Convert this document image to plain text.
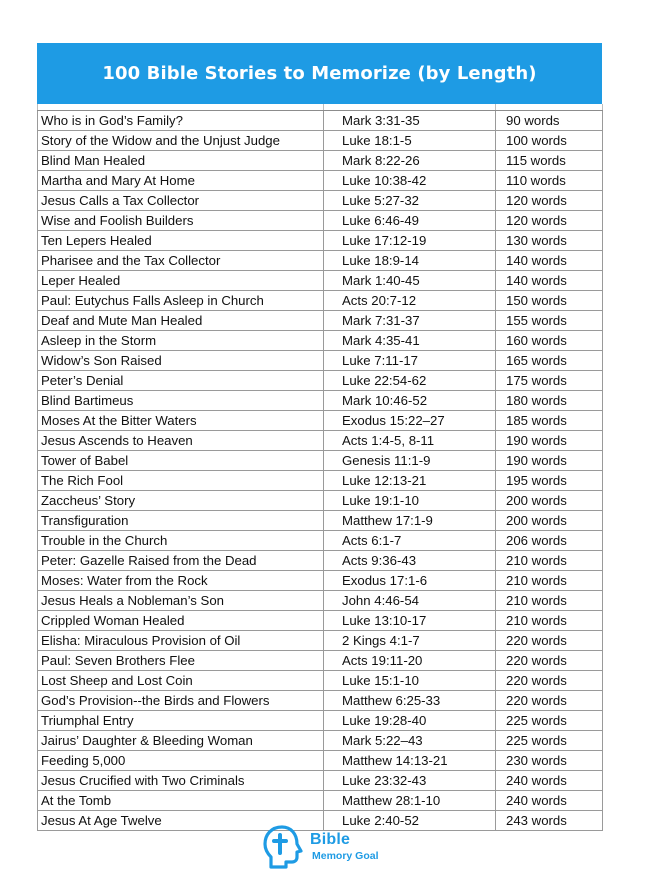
100 Bible Stories to Memorize (by Length)

Who is in God’s Family?	Mark 3:31-35	90 words
Story of the Widow and the Unjust Judge	Luke 18:1-5	100 words
Blind Man Healed	Mark 8:22-26	115 words
Martha and Mary At Home	Luke 10:38-42	110 words
Jesus Calls a Tax Collector	Luke 5:27-32	120 words
Wise and Foolish Builders	Luke 6:46-49	120 words
Ten Lepers Healed	Luke 17:12-19	130 words
Pharisee and the Tax Collector	Luke 18:9-14	140 words
Leper Healed	Mark 1:40-45	140 words
Paul: Eutychus Falls Asleep in Church	Acts 20:7-12	150 words
Deaf and Mute Man Healed	Mark 7:31-37	155 words
Asleep in the Storm	Mark 4:35-41	160 words
Widow’s Son Raised	Luke 7:11-17	165 words
Peter’s Denial	Luke 22:54-62	175 words
Blind Bartimeus	Mark 10:46-52	180 words
Moses At the Bitter Waters	Exodus 15:22–27	185 words
Jesus Ascends to Heaven	Acts 1:4-5, 8-11	190 words
Tower of Babel	Genesis 11:1-9	190 words
The Rich Fool	Luke 12:13-21	195 words
Zaccheus’ Story	Luke 19:1-10	200 words
Transfiguration	Matthew 17:1-9	200 words
Trouble in the Church	Acts 6:1-7	206 words
Peter: Gazelle Raised from the Dead	Acts 9:36-43	210 words
Moses: Water from the Rock	Exodus 17:1-6	210 words
Jesus Heals a Nobleman’s Son	John 4:46-54	210 words
Crippled Woman Healed	Luke 13:10-17	210 words
Elisha: Miraculous Provision of Oil	2 Kings 4:1-7	220 words
Paul: Seven Brothers Flee	Acts 19:11-20	220 words
Lost Sheep and Lost Coin	Luke 15:1-10	220 words
God’s Provision--the Birds and Flowers	Matthew 6:25-33	220 words
Triumphal Entry	Luke 19:28-40	225 words
Jairus’ Daughter & Bleeding Woman	Mark 5:22–43	225 words
Feeding 5,000	Matthew 14:13-21	230 words
Jesus Crucified with Two Criminals	Luke 23:32-43	240 words
At the Tomb	Matthew 28:1-10	240 words
Jesus At Age Twelve	Luke 2:40-52	243 words
Bible
Memory Goal
